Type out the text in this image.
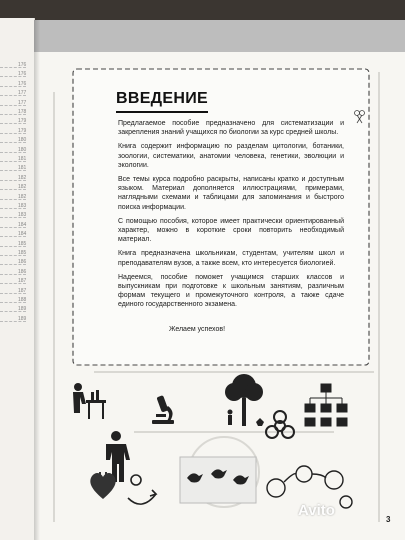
176
176
176
177
177
178
179
179
180
180
181
181
182
182
182
183
183
184
184
185
185
186
186
187
187
188
189
189
ВВЕДЕНИЕ

Предлагаемое пособие предназначено для систематизации и закрепления знаний учащихся по биологии за курс средней школы.

Книга содержит информацию по разделам цитологии, ботаники, зоологии, систематики, анатомии человека, генетики, эволюции и экологии.

Все темы курса подробно раскрыты, написаны кратко и доступным языком. Материал дополняется иллюстрациями, примерами, наглядными схемами и таблицами для запоминания и быстрого поиска информации.

С помощью пособия, которое имеет практически ориентированный характер, можно в короткие сроки повторить необходимый материал.

Книга предназначена школьникам, студентам, учителям школ и преподавателям вузов, а также всем, кто интересуется биологией.

Надеемся, пособие поможет учащимся старших классов и выпускникам при подготовке к школьным занятиям, различным формам текущего и промежуточного контроля, а также сдаче единого государственного экзамена.

3
Желаем успехов!
Avito
